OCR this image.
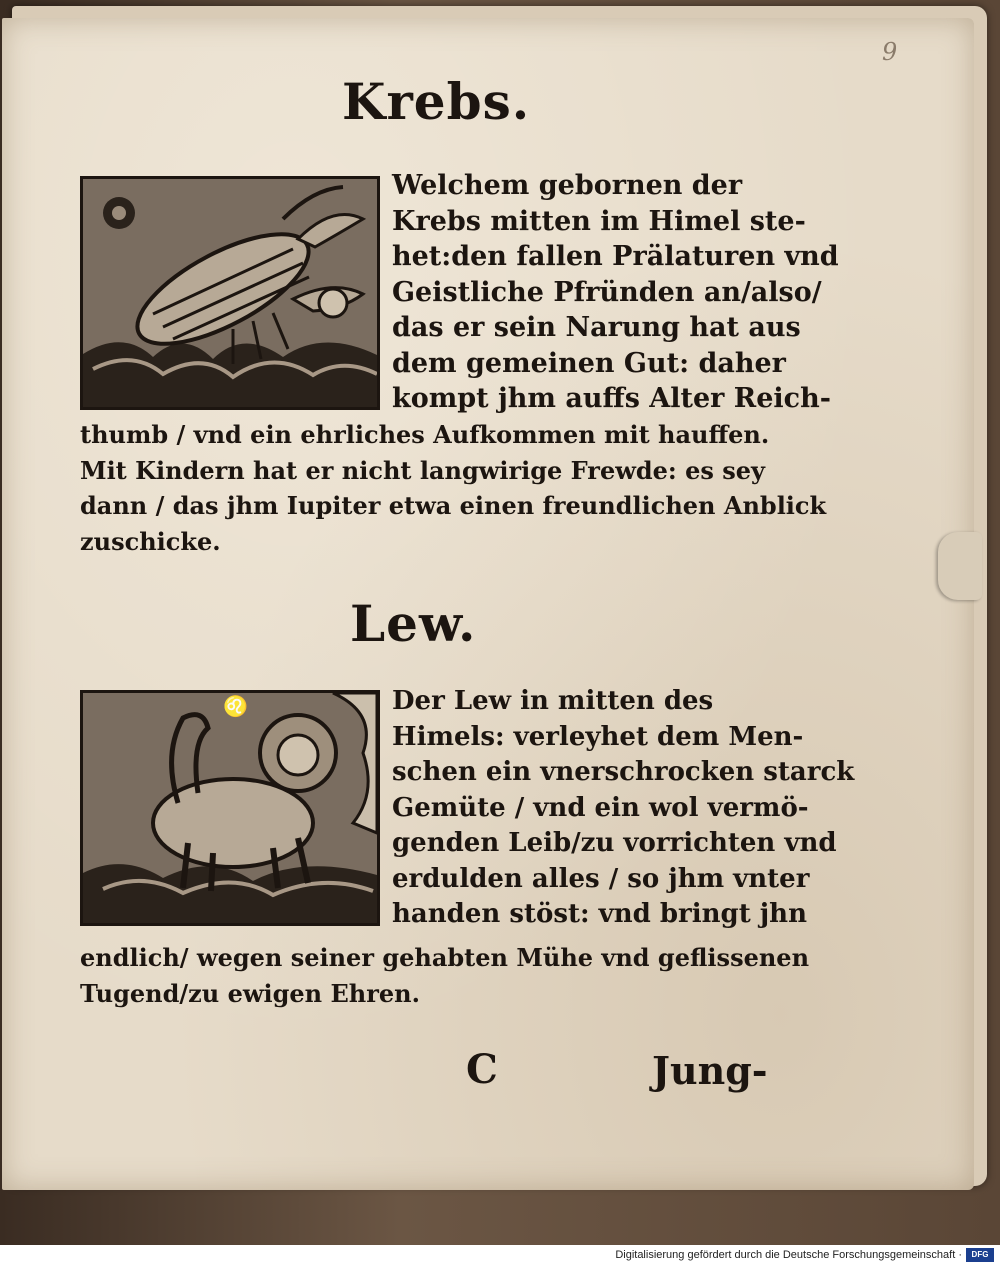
9
Krebs.
Welchem gebornen der
Krebs mitten im Himel ste-
het:den fallen Prälaturen vnd
Geistliche Pfründen an/also/
das er sein Narung hat aus
dem gemeinen Gut: daher
kompt jhm auffs Alter Reich-
thumb / vnd ein ehrliches Aufkommen mit hauffen.
Mit Kindern hat er nicht langwirige Frewde: es sey
dann / das jhm Iupiter etwa einen freundlichen Anblick
zuschicke.
Lew.
♌	Der Lew in mitten des
Himels: verleyhet dem Men-
schen ein vnerschrocken starck
Gemüte / vnd ein wol vermö-
genden Leib/zu vorrichten vnd
erdulden alles / so jhm vnter
handen stöst: vnd bringt jhn
endlich/ wegen seiner gehabten Mühe vnd geflissenen
Tugend/zu ewigen Ehren.
C	Jung-
Digitalisierung gefördert durch die Deutsche Forschungsgemeinschaft ·	DFG
